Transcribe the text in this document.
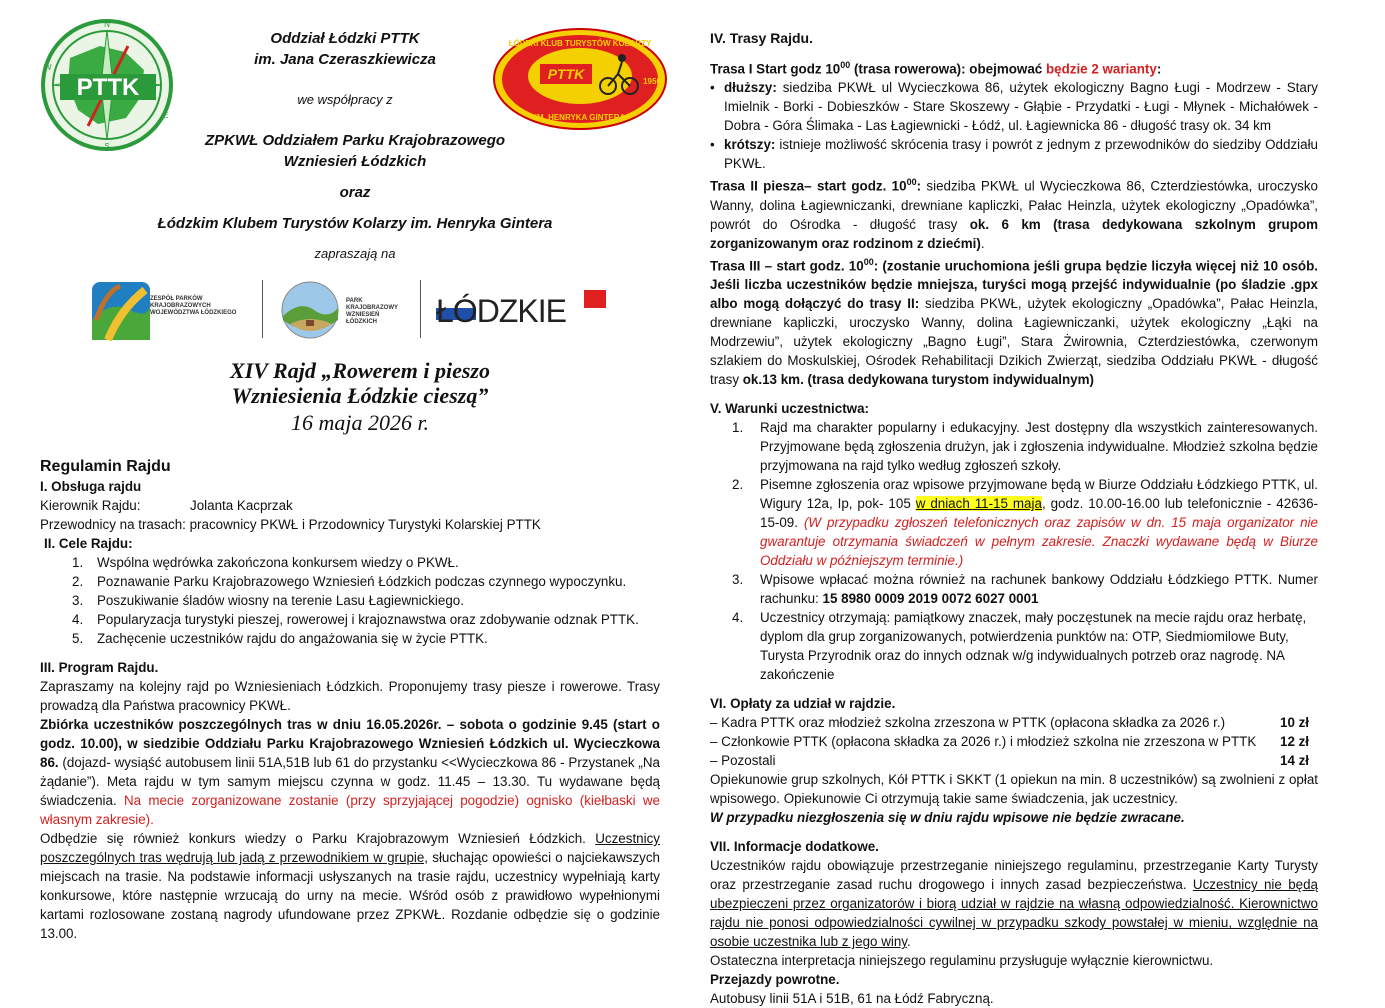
PTTK
N
W
E
S
Oddział Łódzki PTTK
im. Jana Czeraszkiewicza
we współpracy z
ZPKWŁ Oddziałem Parku Krajobrazowego
Wzniesień Łódzkich
oraz
Łódzkim Klubem Turystów Kolarzy im. Henryka Gintera
zapraszają na
ZESPÓŁ PARKÓW KRAJOBRAZOWYCH WOJEWÓDZTWA ŁÓDZKIEGO
PARK KRAJOBRAZOWY WZNIESIEŃ ŁÓDZKICH	ŁÓDZKIE
XIV Rajd „Rowerem i pieszo
Wzniesienia Łódzkie cieszą”
16 maja 2026 r.
Regulamin Rajdu

I. Obsługa rajdu

Kierownik Rajdu:	Jolanta Kacprzak

Przewodnicy na trasach: pracownicy PKWŁ i Przodownicy Turystyki Kolarskiej PTTK

II. Cele Rajdu:

1. Wspólna wędrówka zakończona konkursem wiedzy o PKWŁ.
2. Poznawanie Parku Krajobrazowego Wzniesień Łódzkich podczas czynnego wypoczynku.
3. Poszukiwanie śladów wiosny na terenie Lasu Łagiewnickiego.
4. Popularyzacja turystyki pieszej, rowerowej i krajoznawstwa oraz zdobywanie odznak PTTK.
5. Zachęcenie uczestników rajdu do angażowania się w życie PTTK.

III. Program Rajdu.

Zapraszamy na kolejny rajd po Wzniesieniach Łódzkich. Proponujemy trasy piesze i rowerowe. Trasy prowadzą dla Państwa pracownicy PKWŁ.

Zbiórka uczestników poszczególnych tras w dniu 16.05.2026r. – sobota o godzinie 9.45 (start o godz. 10.00), w siedzibie Oddziału Parku Krajobrazowego Wzniesień Łódzkich ul. Wycieczkowa 86. (dojazd- wysiąść autobusem linii 51A,51B lub 61 do przystanku <<Wycieczkowa 86 - Przystanek „Na żądanie”). Meta rajdu w tym samym miejscu czynna w godz. 11.45 – 13.30. Tu wydawane będą świadczenia. Na mecie zorganizowane zostanie (przy sprzyjającej pogodzie) ognisko (kiełbaski we własnym zakresie).

Odbędzie się również konkurs wiedzy o Parku Krajobrazowym Wzniesień Łódzkich. Uczestnicy poszczególnych tras wędrują lub jadą z przewodnikiem w grupie, słuchając opowieści o najciekawszych miejscach na trasie. Na podstawie informacji usłyszanych na trasie rajdu, uczestnicy wypełniają karty konkursowe, które następnie wrzucają do urny na mecie. Wśród osób z prawidłowo wypełnionymi kartami rozlosowane zostaną nagrody ufundowane przez ZPKWŁ. Rozdanie odbędzie się o godzinie 13.00.

PTTK
ŁÓDZKI KLUB TURYSTÓW KOLARZY
1956
IM. HENRYKA GINTERA

IV. Trasy Rajdu.

Trasa I Start godz $10^{00}$ (trasa rowerowa): obejmować będzie 2 warianty:

• dłuższy: siedziba PKWŁ ul Wycieczkowa 86, użytek ekologiczny Bagno Ługi - Modrzew - Stary Imielnik - Borki - Dobieszków - Stare Skoszewy - Głąbie - Przydatki - Ługi - Młynek - Michałówek - Dobra - Góra Ślimaka - Las Łagiewnicki - Łódź, ul. Łagiewnicka 86 - długość trasy ok. 34 km

• krótszy: istnieje możliwość skrócenia trasy i powrót z jednym z przewodników do siedziby Oddziału PKWŁ.

Trasa II piesza– start godz. $10^{00}$: siedziba PKWŁ ul Wycieczkowa 86, Czterdziestówka, uroczysko Wanny, dolina Łagiewniczanki, drewniane kapliczki, Pałac Heinzla, użytek ekologiczny „Opadówka”, powrót do Ośrodka - długość trasy ok. 6 km (trasa dedykowana szkolnym grupom zorganizowanym oraz rodzinom z dziećmi).

Trasa III – start godz. $10^{00}$: (zostanie uruchomiona jeśli grupa będzie liczyła więcej niż 10 osób. Jeśli liczba uczestników będzie mniejsza, turyści mogą przejść indywidualnie (po śladzie .gpx albo mogą dołączyć do trasy II: siedziba PKWŁ, użytek ekologiczny „Opadówka”, Pałac Heinzla, drewniane kapliczki, uroczysko Wanny, dolina Łagiewniczanki, użytek ekologiczny „Łąki na Modrzewiu”, użytek ekologiczny „Bagno Ługi”, Stara Żwirownia, Czterdziestówka, czerwonym szlakiem do Moskulskiej, Ośrodek Rehabilitacji Dzikich Zwierząt, siedziba Oddziału PKWŁ - długość trasy ok.13 km. (trasa dedykowana turystom indywidualnym)

V. Warunki uczestnictwa:

1. Rajd ma charakter popularny i edukacyjny. Jest dostępny dla wszystkich zainteresowanych. Przyjmowane będą zgłoszenia drużyn, jak i zgłoszenia indywidualne. Młodzież szkolna będzie przyjmowana na rajd tylko według zgłoszeń szkoły.
2. Pisemne zgłoszenia oraz wpisowe przyjmowane będą w Biurze Oddziału Łódzkiego PTTK, ul. Wigury 12a, Ip, pok- 105 w dniach 11-15 maja, godz. 10.00-16.00 lub telefonicznie - 42636-15-09. (W przypadku zgłoszeń telefonicznych oraz zapisów w dn. 15 maja organizator nie gwarantuje otrzymania świadczeń w pełnym zakresie. Znaczki wydawane będą w Biurze Oddziału w późniejszym terminie.)
3. Wpisowe wpłacać można również na rachunek bankowy Oddziału Łódzkiego PTTK. Numer rachunku: 15 8980 0009 2019 0072 6027 0001
4. Uczestnicy otrzymają: pamiątkowy znaczek, mały poczęstunek na mecie rajdu oraz herbatę, dyplom dla grup zorganizowanych, potwierdzenia punktów na: OTP, Siedmiomilowe Buty, Turysta Przyrodnik oraz do innych odznak w/g indywidualnych potrzeb oraz nagrodę. NA zakończenie

VI. Opłaty za udział w rajdzie.

– Kadra PTTK oraz młodzież szkolna zrzeszona w PTTK (opłacona składka za 2026 r.)	10 zł
– Członkowie PTTK (opłacona składka za 2026 r.) i młodzież szkolna nie zrzeszona w PTTK 12 zł
– Pozostali	14 zł

Opiekunowie grup szkolnych, Kół PTTK i SKKT (1 opiekun na min. 8 uczestników) są zwolnieni z opłat wpisowego. Opiekunowie Ci otrzymują takie same świadczenia, jak uczestnicy.

W przypadku niezgłoszenia się w dniu rajdu wpisowe nie będzie zwracane.

VII. Informacje dodatkowe.

Uczestników rajdu obowiązuje przestrzeganie niniejszego regulaminu, przestrzeganie Karty Turysty oraz przestrzeganie zasad ruchu drogowego i innych zasad bezpieczeństwa. Uczestnicy nie będą ubezpieczeni przez organizatorów i biorą udział w rajdzie na własną odpowiedzialność. Kierownictwo rajdu nie ponosi odpowiedzialności cywilnej w przypadku szkody powstałej w mieniu, względnie na osobie uczestnika lub z jego winy.

Ostateczna interpretacja niniejszego regulaminu przysługuje wyłącznie kierownictwu.

Przejazdy powrotne.

Autobusy linii 51A i 51B, 61 na Łódź Fabryczną.
